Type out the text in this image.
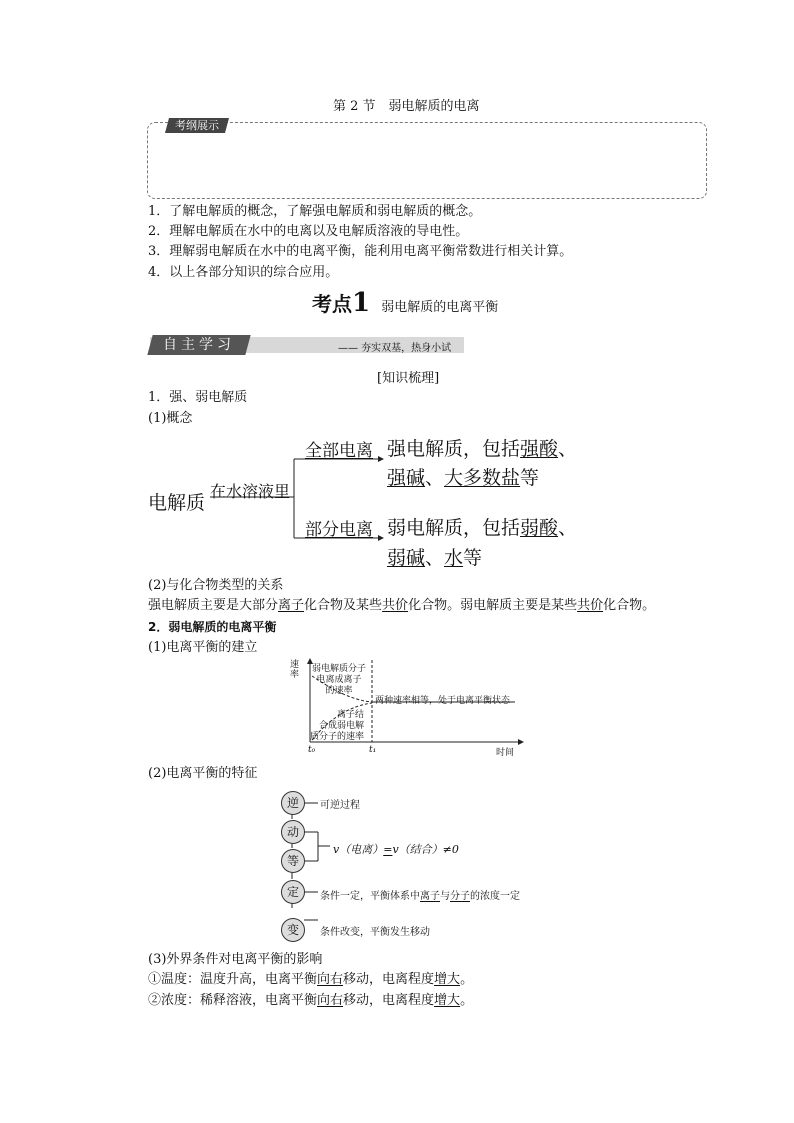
第 2 节　弱电解质的电离
考纲展示
1．了解电解质的概念，了解强电解质和弱电解质的概念。
2．理解电解质在水中的电离以及电解质溶液的导电性。
3．理解弱电解质在水中的电离平衡，能利用电离平衡常数进行相关计算。
4．以上各部分知识的综合应用。
考点1 弱电解质的电离平衡
自主学习	—— 夯实双基，热身小试
[知识梳理]
1．强、弱电解质
(1)概念
电解质
在水溶液里
全部电离 强电解质，包括强酸、
强碱、大多数盐等
部分电离 弱电解质，包括弱酸、
弱碱、水等
(2)与化合物类型的关系
强电解质主要是大部分离子化合物及某些共价化合物。弱电解质主要是某些共价化合物。
2．弱电解质的电离平衡
(1)电离平衡的建立
速率
弱电解质分子
电离成离子
的速率
离子结
合成弱电解
质分子的速率
两种速率相等，处于电离平衡状态
t₀	t₁	时间
(2)电离平衡的特征
逆	可逆过程
动
等
v（电离）=v（结合）≠0
定	条件一定，平衡体系中离子与分子的浓度一定
变	条件改变，平衡发生移动
(3)外界条件对电离平衡的影响
①温度：温度升高，电离平衡向右移动，电离程度增大。
②浓度：稀释溶液，电离平衡向右移动，电离程度增大。
